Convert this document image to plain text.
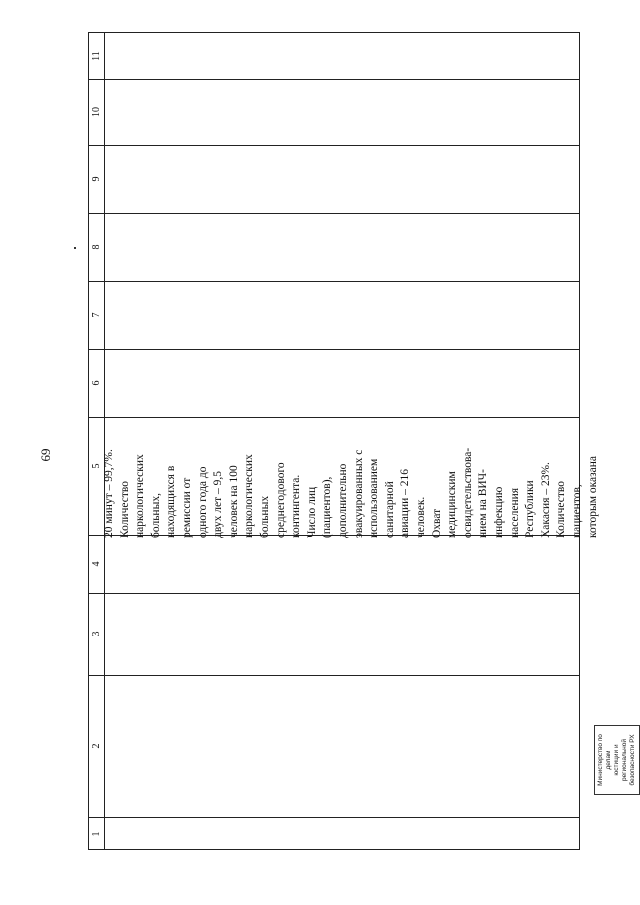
69
11
10
9
8
7
6
5
4
3
2
1
20 минут – 99,7%. Количество наркологических больных, находящихся в ремиссии от одного года до двух лет – 9,5 человек на 100 наркологических больных среднегодового контингента. Число лиц (пациентов), дополнительно эвакуированных с использованием санитарной авиации – 216 человек. Охват медицинским освидетельствова- нием на ВИЧ- инфекцию населения Республики Хакасия – 23%. Количество пациентов, которым оказана
Министерство по делам юстиции и региональной безопасности РХ
